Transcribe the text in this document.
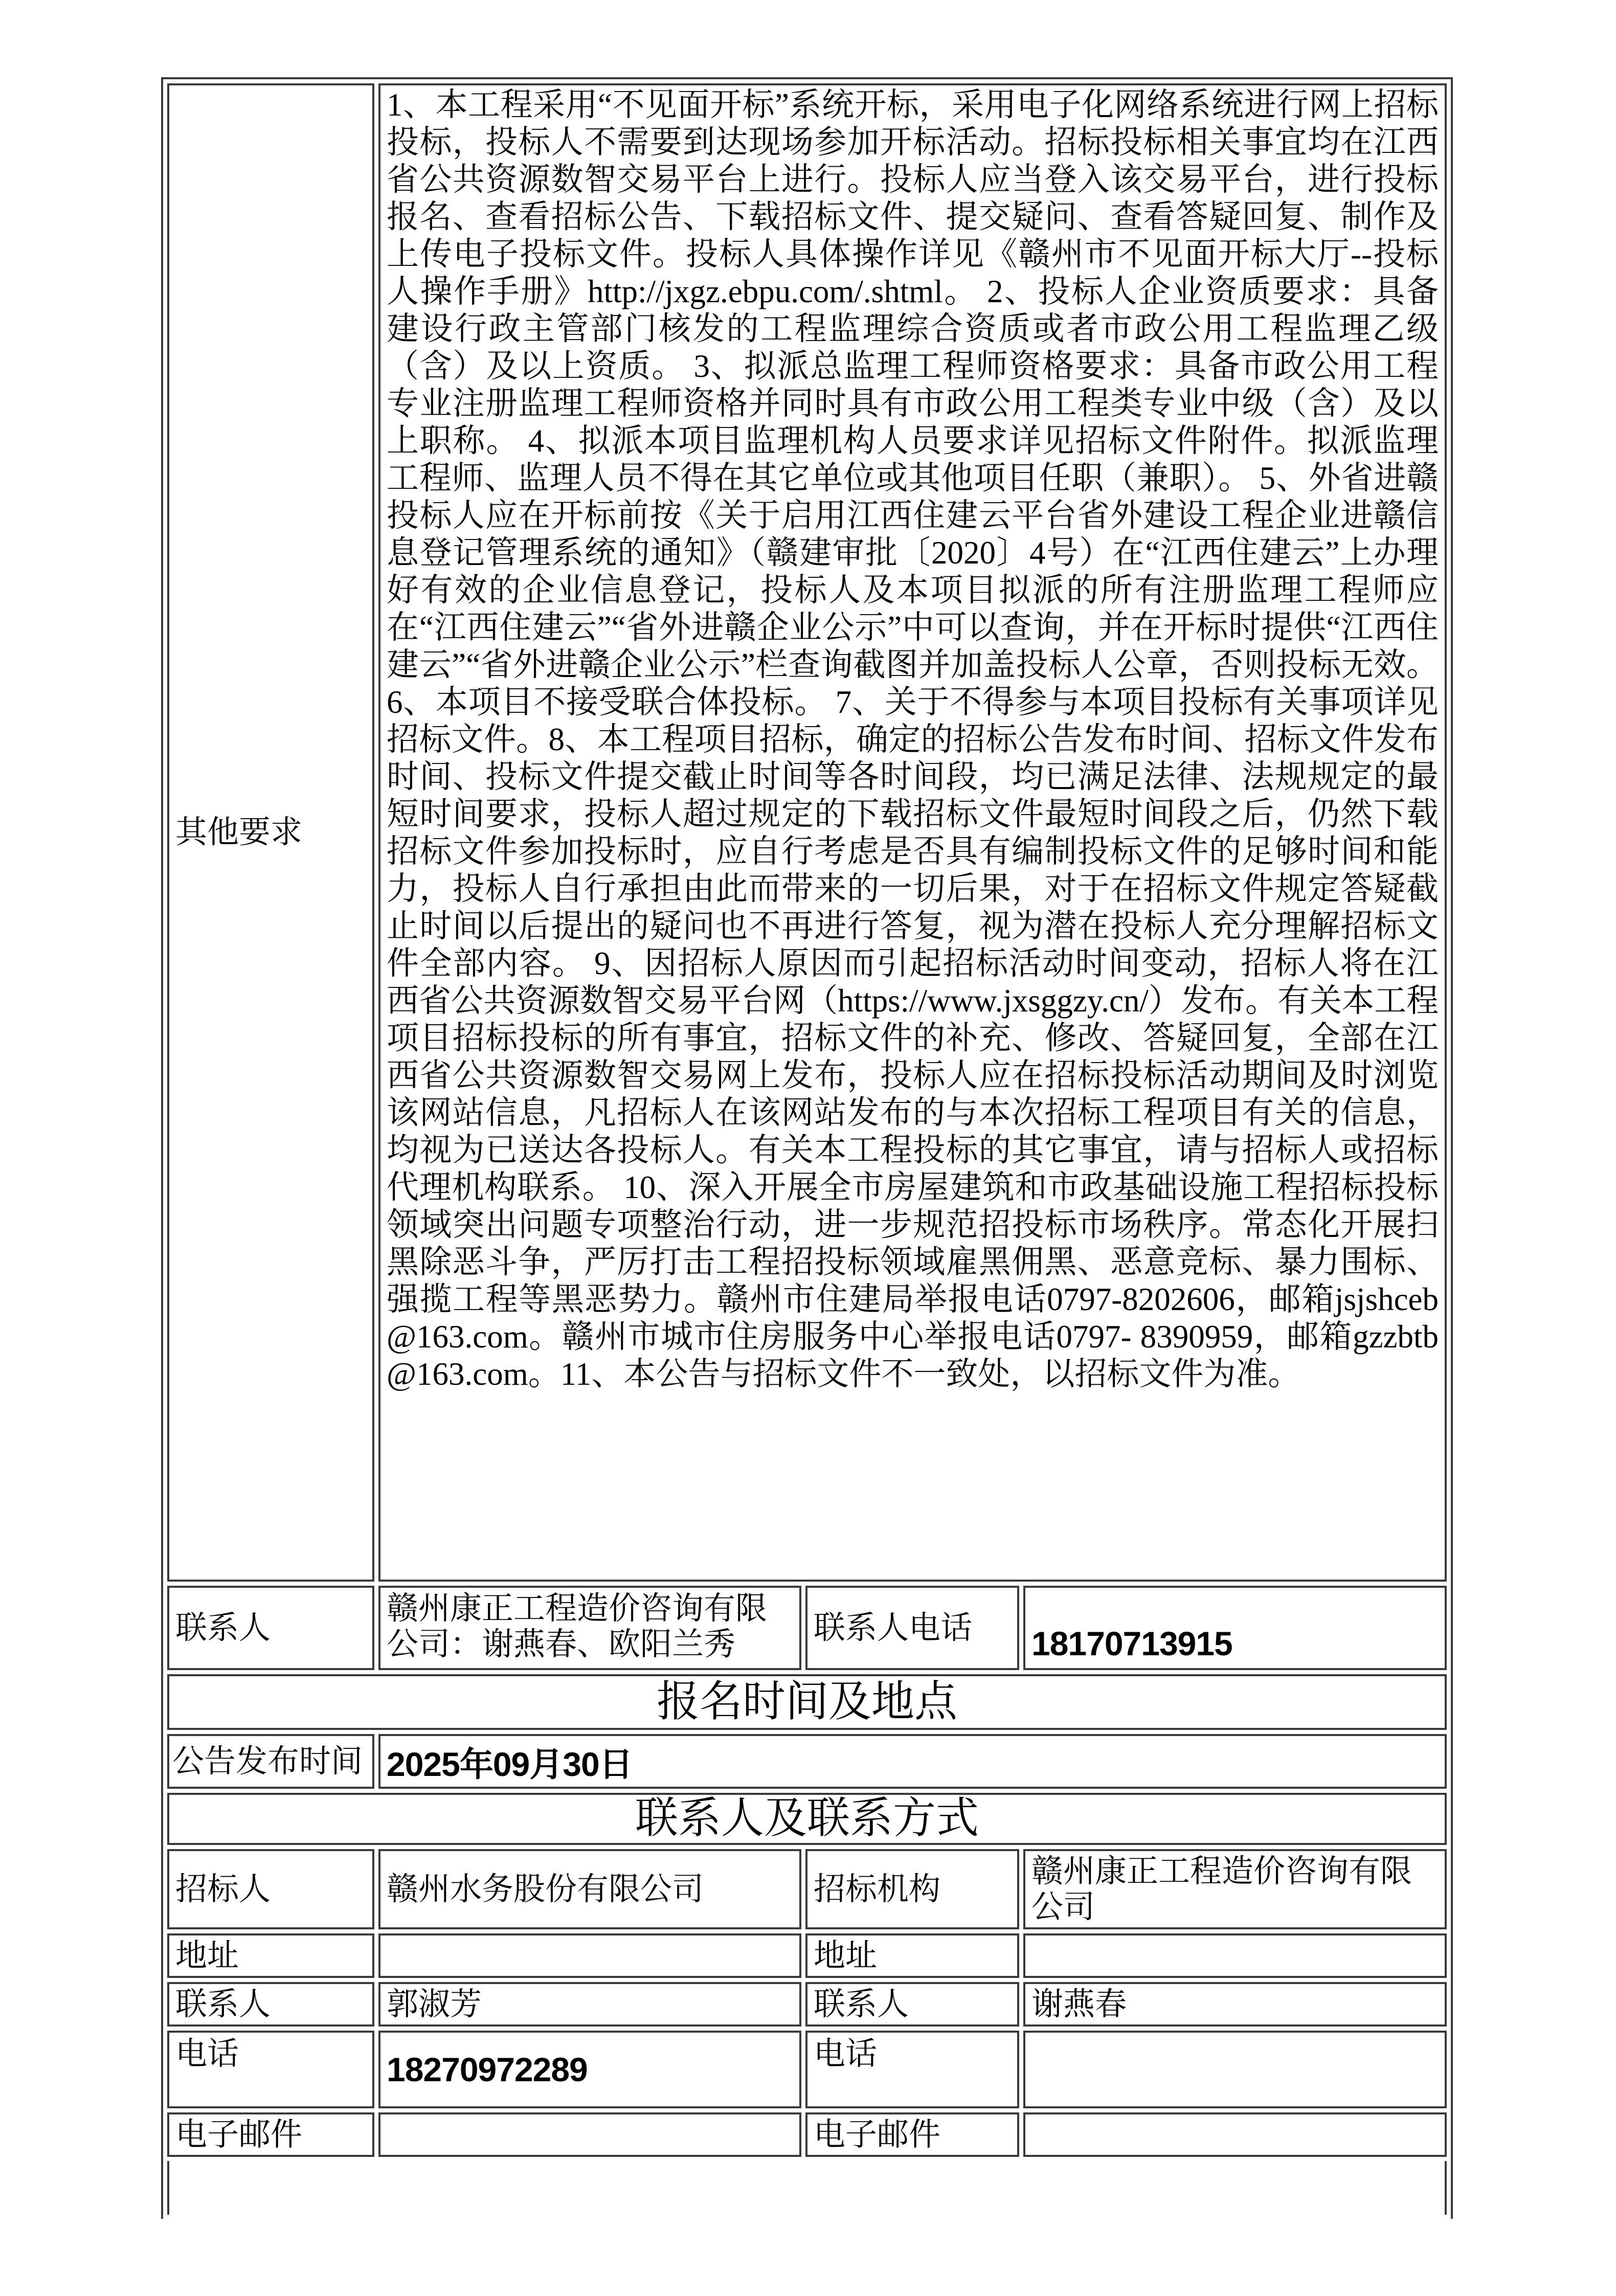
其他要求	1、本工程采用“不见面开标”系统开标，采用电子化网络系统进行网上招标投标，投标人不需要到达现场参加开标活动。招标投标相关事宜均在江西省公共资源数智交易平台上进行。投标人应当登入该交易平台，进行投标报名、查看招标公告、下载招标文件、提交疑问、查看答疑回复、制作及上传电子投标文件。投标人具体操作详见《赣州市不见面开标大厅--投标人操作手册》http://jxgz.ebpu.com/.shtml。 2、投标人企业资质要求：具备建设行政主管部门核发的工程监理综合资质或者市政公用工程监理乙级（含）及以上资质。 3、拟派总监理工程师资格要求：具备市政公用工程专业注册监理工程师资格并同时具有市政公用工程类专业中级（含）及以上职称。 4、拟派本项目监理机构人员要求详见招标文件附件。拟派监理工程师、监理人员不得在其它单位或其他项目任职（兼职）。 5、外省进赣投标人应在开标前按《关于启用江西住建云平台省外建设工程企业进赣信息登记管理系统的通知》（赣建审批〔2020〕4号）在“江西住建云”上办理好有效的企业信息登记，投标人及本项目拟派的所有注册监理工程师应在“江西住建云”“省外进赣企业公示”中可以查询，并在开标时提供“江西住建云”“省外进赣企业公示”栏查询截图并加盖投标人公章，否则投标无效。 6、本项目不接受联合体投标。 7、关于不得参与本项目投标有关事项详见招标文件。8、本工程项目招标，确定的招标公告发布时间、招标文件发布时间、投标文件提交截止时间等各时间段，均已满足法律、法规规定的最短时间要求，投标人超过规定的下载招标文件最短时间段之后，仍然下载招标文件参加投标时，应自行考虑是否具有编制投标文件的足够时间和能力，投标人自行承担由此而带来的一切后果，对于在招标文件规定答疑截止时间以后提出的疑问也不再进行答复，视为潜在投标人充分理解招标文件全部内容。 9、因招标人原因而引起招标活动时间变动，招标人将在江西省公共资源数智交易平台网（https://www.jxsggzy.cn/）发布。有关本工程项目招标投标的所有事宜，招标文件的补充、修改、答疑回复，全部在江西省公共资源数智交易网上发布，投标人应在招标投标活动期间及时浏览该网站信息，凡招标人在该网站发布的与本次招标工程项目有关的信息，均视为已送达各投标人。有关本工程投标的其它事宜，请与招标人或招标代理机构联系。 10、深入开展全市房屋建筑和市政基础设施工程招标投标领域突出问题专项整治行动，进一步规范招投标市场秩序。常态化开展扫黑除恶斗争，严厉打击工程招投标领域雇黑佣黑、恶意竞标、暴力围标、强揽工程等黑恶势力。赣州市住建局举报电话0797-8202606，邮箱jsjshceb@163.com。赣州市城市住房服务中心举报电话0797- 8390959，邮箱gzzbtb@163.com。11、本公告与招标文件不一致处，以招标文件为准。		
联系人	赣州康正工程造价咨询有限公司：谢燕春、欧阳兰秀	联系人电话	18170713915
报名时间及地点			
公告发布时间	2025年09月30日		
联系人及联系方式			
招标人	赣州水务股份有限公司	招标机构	赣州康正工程造价咨询有限公司
地址		地址	
联系人	郭淑芳	联系人	谢燕春
电话	18270972289	电话	
电子邮件		电子邮件	
